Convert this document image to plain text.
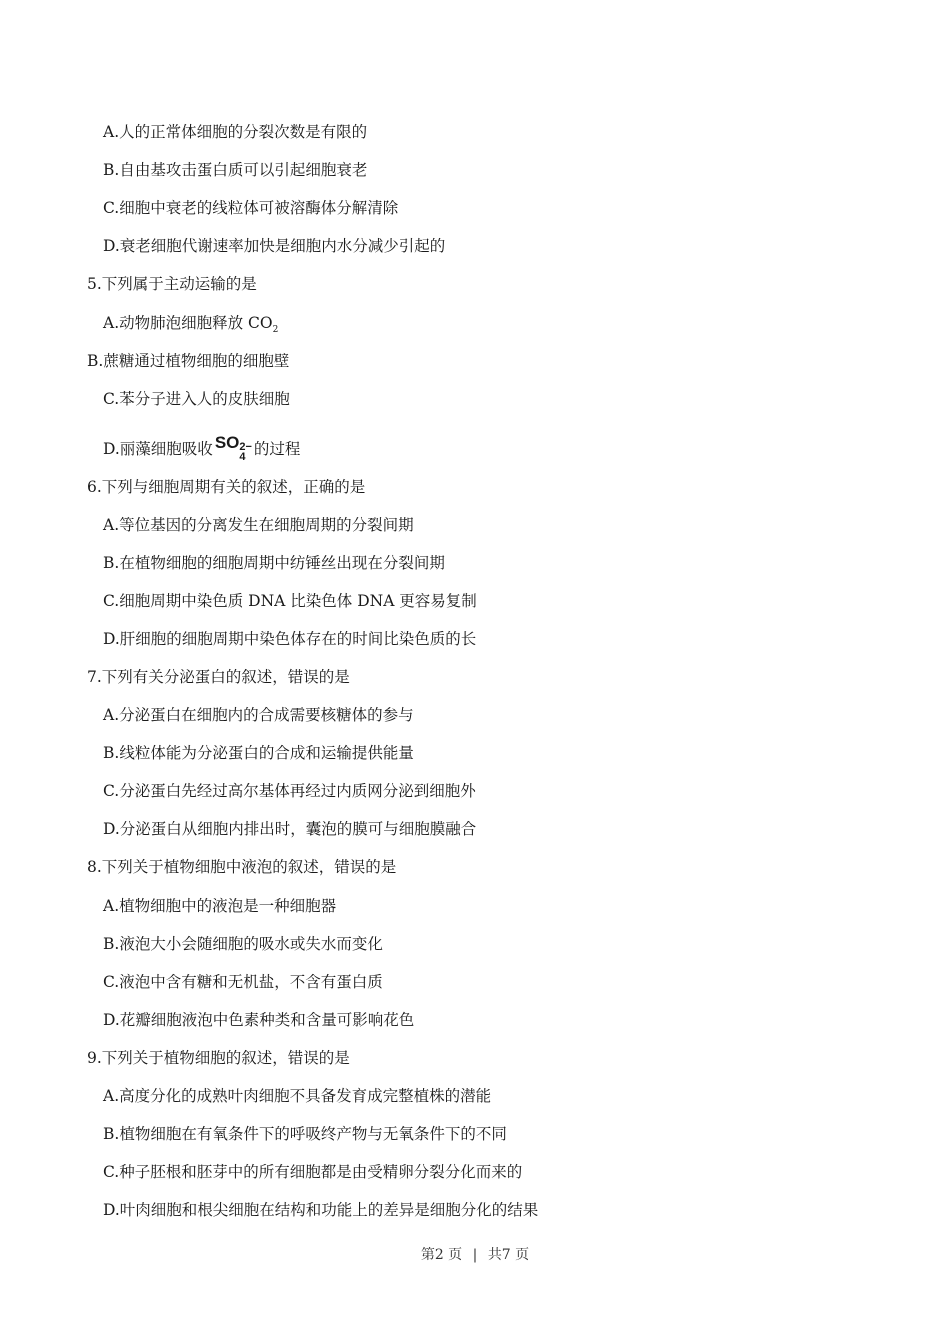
A.人的正常体细胞的分裂次数是有限的
B.自由基攻击蛋白质可以引起细胞衰老
C.细胞中衰老的线粒体可被溶酶体分解清除
D.衰老细胞代谢速率加快是细胞内水分减少引起的
5.下列属于主动运输的是
A.动物肺泡细胞释放 $CO_2$
B.蔗糖通过植物细胞的细胞壁
C.苯分子进入人的皮肤细胞
D.丽藻细胞吸收 SO 2−
4 的过程
6.下列与细胞周期有关的叙述，正确的是
A.等位基因的分离发生在细胞周期的分裂间期
B.在植物细胞的细胞周期中纺锤丝出现在分裂间期
C.细胞周期中染色质 DNA 比染色体 DNA 更容易复制
D.肝细胞的细胞周期中染色体存在的时间比染色质的长
7.下列有关分泌蛋白的叙述，错误的是
A.分泌蛋白在细胞内的合成需要核糖体的参与
B.线粒体能为分泌蛋白的合成和运输提供能量
C.分泌蛋白先经过高尔基体再经过内质网分泌到细胞外
D.分泌蛋白从细胞内排出时，囊泡的膜可与细胞膜融合
8.下列关于植物细胞中液泡的叙述，错误的是
A.植物细胞中的液泡是一种细胞器
B.液泡大小会随细胞的吸水或失水而变化
C.液泡中含有糖和无机盐，不含有蛋白质
D.花瓣细胞液泡中色素种类和含量可影响花色
9.下列关于植物细胞的叙述，错误的是
A.高度分化的成熟叶肉细胞不具备发育成完整植株的潜能
B.植物细胞在有氧条件下的呼吸终产物与无氧条件下的不同
C.种子胚根和胚芽中的所有细胞都是由受精卵分裂分化而来的
D.叶肉细胞和根尖细胞在结构和功能上的差异是细胞分化的结果
第2 页 | 共7 页
